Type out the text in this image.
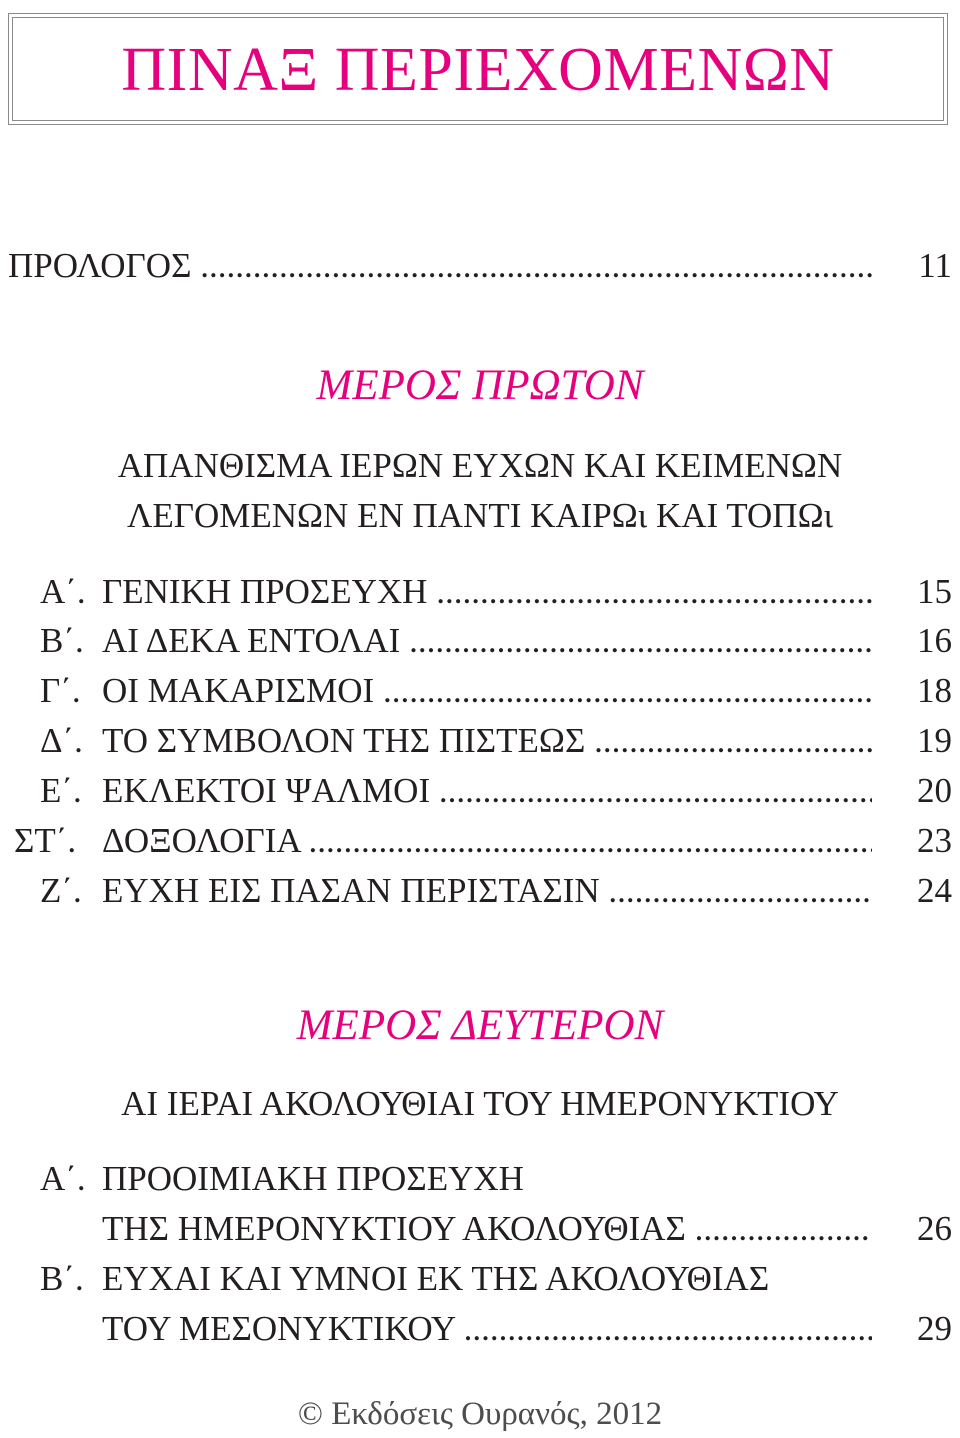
ΠΙΝΑΞ ΠΕΡΙΕΧΟΜΕΝΩΝ
ΠΡΟΛΟΓΟΣ .....	11
ΜΕΡΟΣ ΠΡΩΤΟΝ
ΑΠΑΝΘΙΣΜΑ ΙΕΡΩΝ ΕΥΧΩΝ ΚΑΙ ΚΕΙΜΕΝΩΝ
ΛΕΓΟΜΕΝΩΝ ΕΝ ΠΑΝΤΙ ΚΑΙΡΩι ΚΑΙ ΤΟΠΩι
Α΄. ΓΕΝΙΚΗ ΠΡΟΣΕΥΧΗ .....	15
Β΄. ΑΙ ΔΕΚΑ ΕΝΤΟΛΑΙ .....	16
Γ΄. ΟΙ ΜΑΚΑΡΙΣΜΟΙ .....	18
Δ΄. ΤΟ ΣΥΜΒΟΛΟΝ ΤΗΣ ΠΙΣΤΕΩΣ .....	19
Ε΄. ΕΚΛΕΚΤΟΙ ΨΑΛΜΟΙ .....	20
ΣΤ΄. ΔΟΞΟΛΟΓΙΑ .....	23
Ζ΄. ΕΥΧΗ ΕΙΣ ΠΑΣΑΝ ΠΕΡΙΣΤΑΣΙΝ .....	24
ΜΕΡΟΣ ΔΕΥΤΕΡΟΝ
ΑΙ ΙΕΡΑΙ ΑΚΟΛΟΥΘΙΑΙ ΤΟΥ ΗΜΕΡΟΝΥΚΤΙΟΥ
Α΄. ΠΡΟΟΙΜΙΑΚΗ ΠΡΟΣΕΥΧΗ
ΤΗΣ ΗΜΕΡΟΝΥΚΤΙΟΥ ΑΚΟΛΟΥΘΙΑΣ .....	26
Β΄. ΕΥΧΑΙ ΚΑΙ ΥΜΝΟΙ ΕΚ ΤΗΣ ΑΚΟΛΟΥΘΙΑΣ
ΤΟΥ ΜΕΣΟΝΥΚΤΙΚΟΥ .....	29
© Εκδόσεις Ουρανός, 2012
